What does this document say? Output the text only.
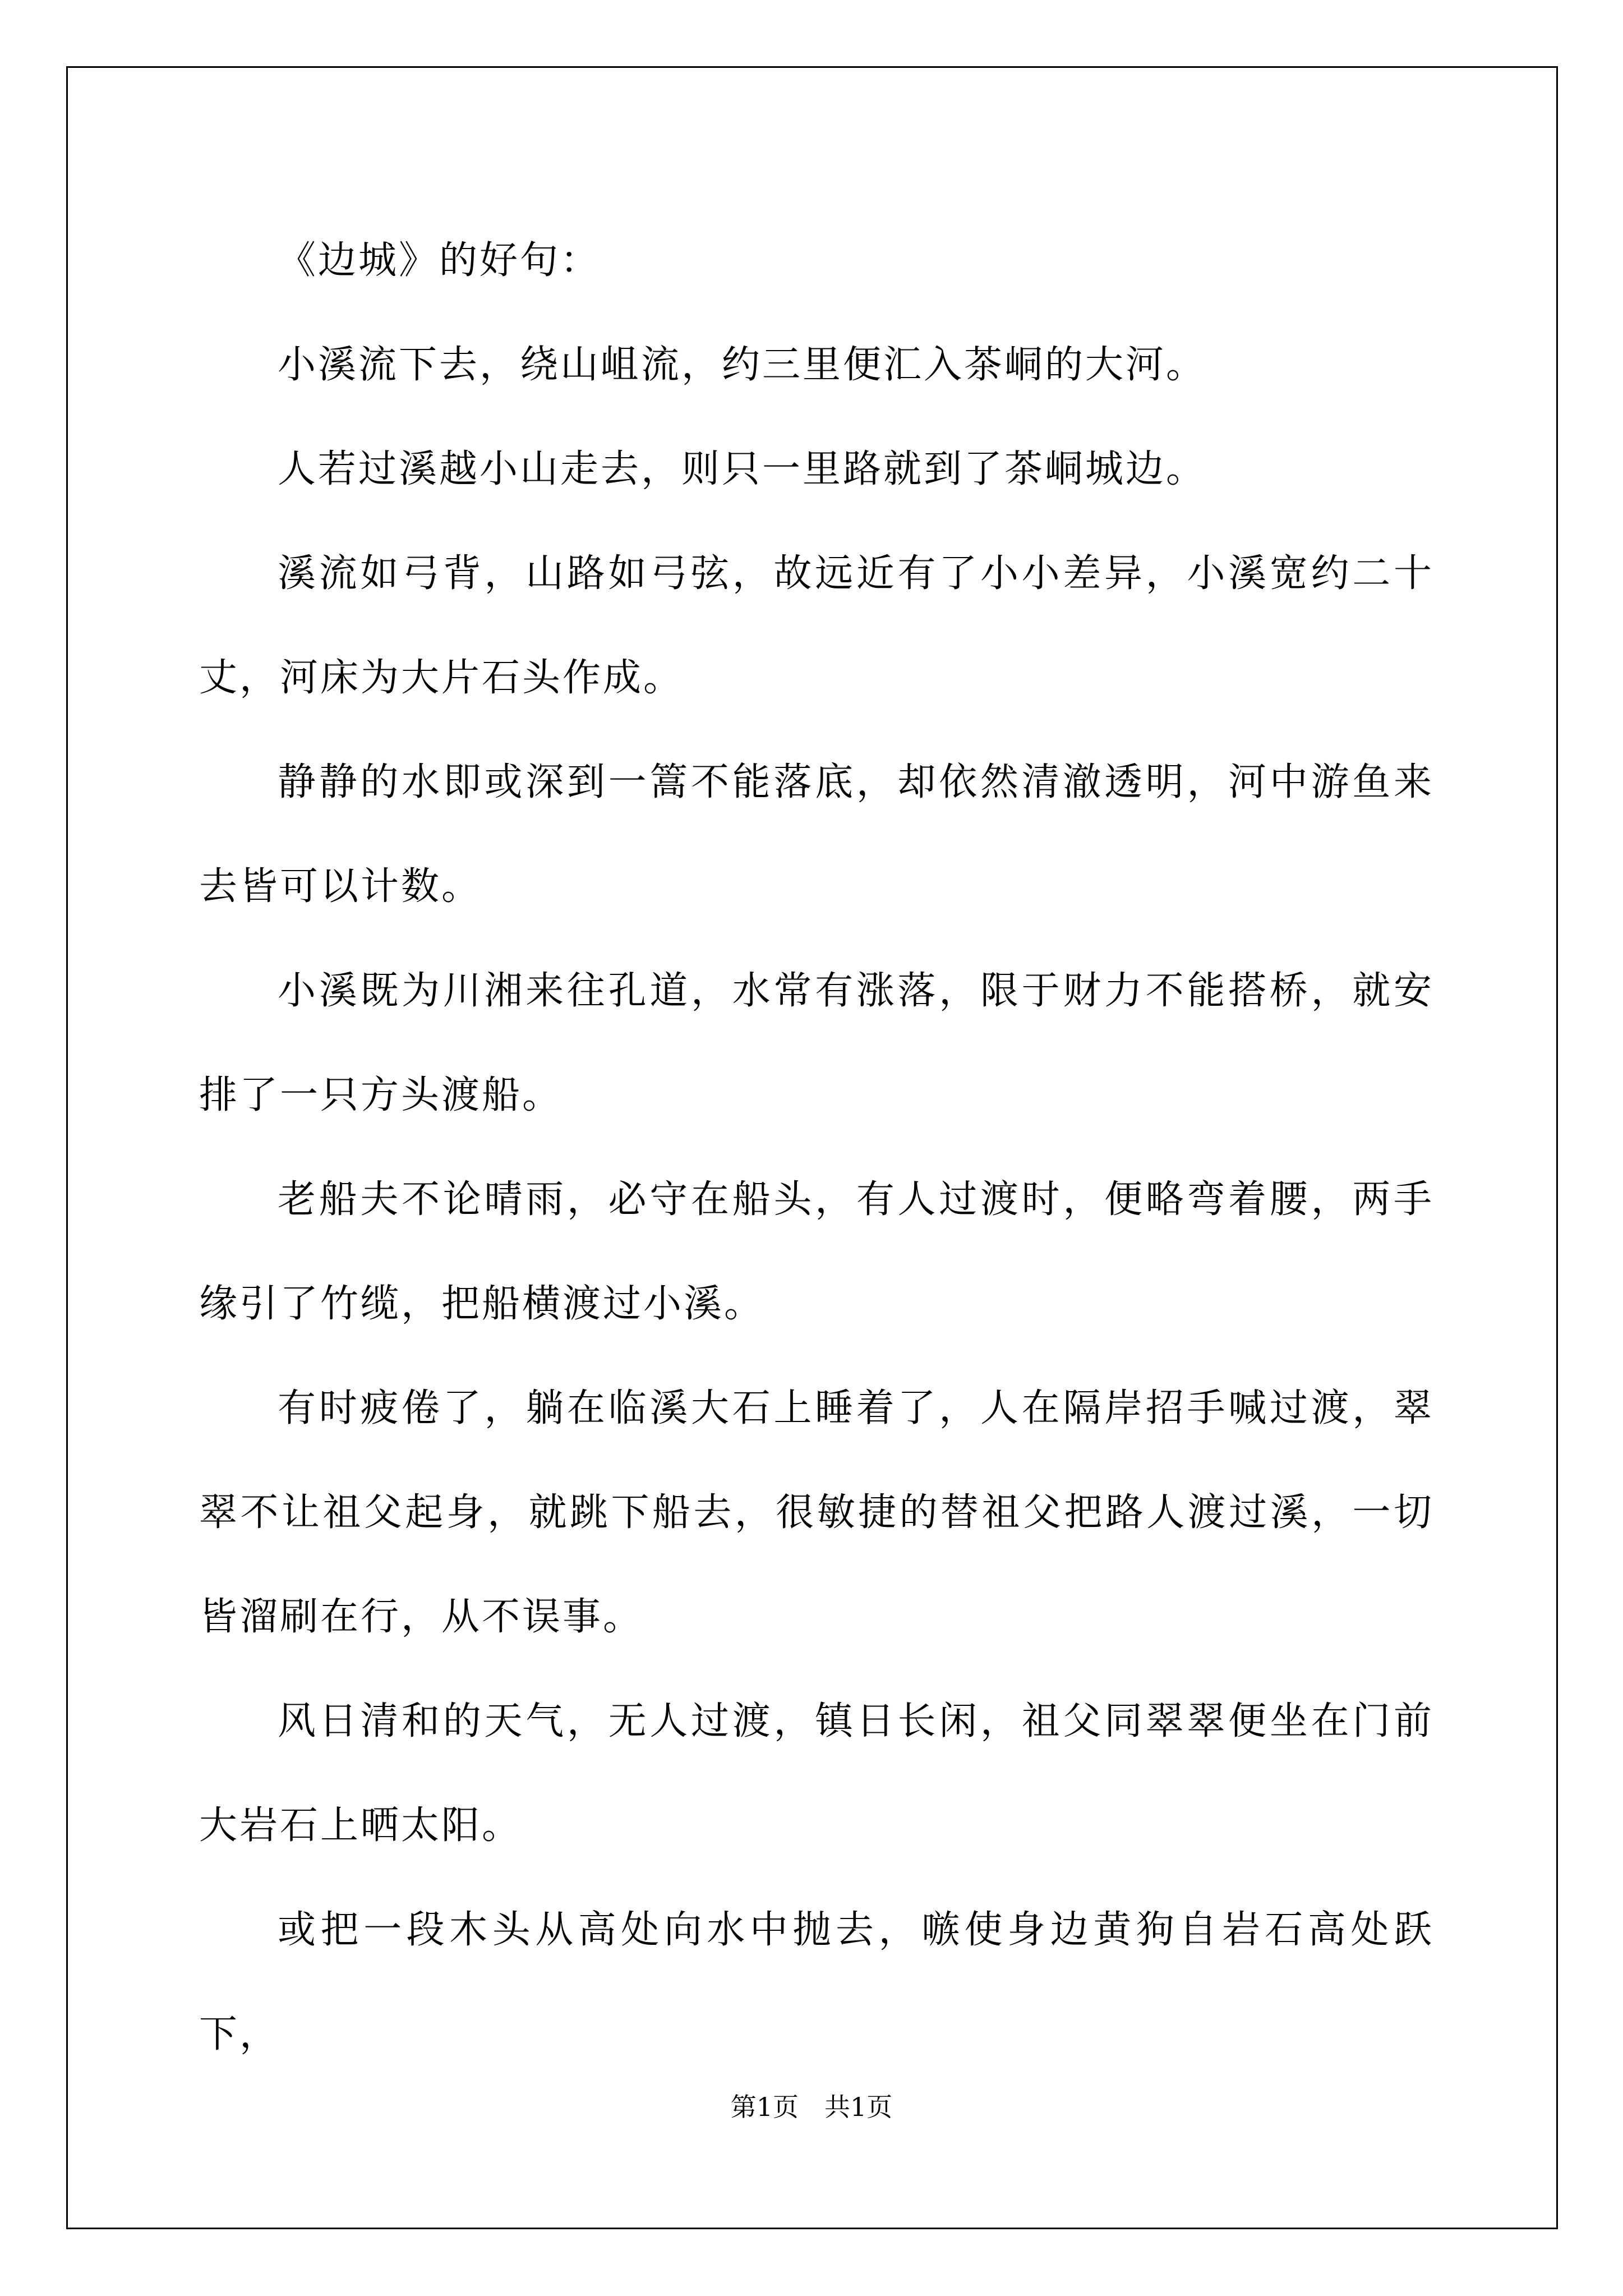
《边城》的好句：

小溪流下去，绕山岨流，约三里便汇入茶峒的大河。

人若过溪越小山走去，则只一里路就到了茶峒城边。

溪流如弓背，山路如弓弦，故远近有了小小差异，小溪宽约二十丈，河床为大片石头作成。

静静的水即或深到一篙不能落底，却依然清澈透明，河中游鱼来去皆可以计数。

小溪既为川湘来往孔道，水常有涨落，限于财力不能搭桥，就安排了一只方头渡船。

老船夫不论晴雨，必守在船头，有人过渡时，便略弯着腰，两手缘引了竹缆，把船横渡过小溪。

有时疲倦了，躺在临溪大石上睡着了，人在隔岸招手喊过渡，翠翠不让祖父起身，就跳下船去，很敏捷的替祖父把路人渡过溪，一切皆溜刷在行，从不误事。

风日清和的天气，无人过渡，镇日长闲，祖父同翠翠便坐在门前大岩石上晒太阳。

或把一段木头从高处向水中抛去，嗾使身边黄狗自岩石高处跃下，

第1页　共1页
